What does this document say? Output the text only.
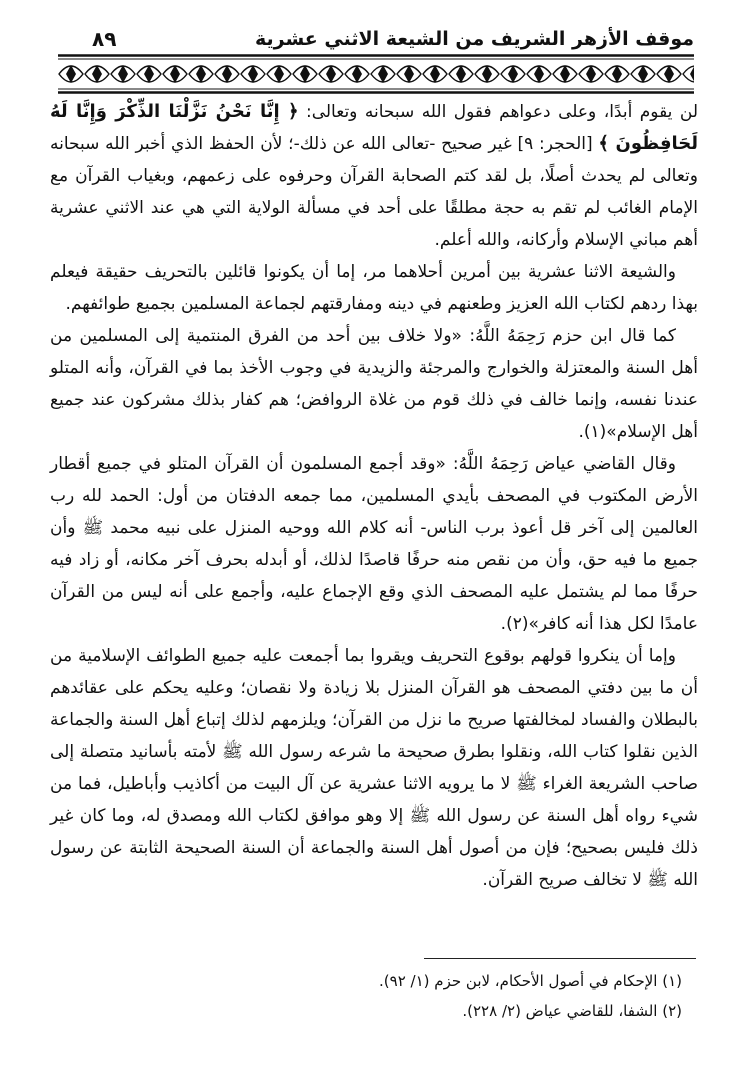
موقف الأزهر الشريف من الشيعة الاثني عشرية
٨٩

لن يقوم أبدًا، وعلى دعواهم فقول الله سبحانه وتعالى: ﴿ إِنَّا نَحْنُ نَزَّلْنَا الذِّكْرَ وَإِنَّا لَهُ لَحَافِظُونَ ﴾ [الحجر: ٩] غير صحيح -تعالى الله عن ذلك-؛ لأن الحفظ الذي أخبر الله سبحانه وتعالى لم يحدث أصلًا، بل لقد كتم الصحابة القرآن وحرفوه على زعمهم، وبغياب القرآن مع الإمام الغائب لم تقم به حجة مطلقًا على أحد في مسألة الولاية التي هي عند الاثني عشرية أهم مباني الإسلام وأركانه، والله أعلم.

والشيعة الاثنا عشرية بين أمرين أحلاهما مر، إما أن يكونوا قائلين بالتحريف حقيقة فيعلم بهذا ردهم لكتاب الله العزيز وطعنهم في دينه ومفارقتهم لجماعة المسلمين بجميع طوائفهم.

كما قال ابن حزم رَحِمَهُ اللَّهُ: «ولا خلاف بين أحد من الفرق المنتمية إلى المسلمين من أهل السنة والمعتزلة والخوارج والمرجئة والزيدية في وجوب الأخذ بما في القرآن، وأنه المتلو عندنا نفسه، وإنما خالف في ذلك قوم من غلاة الروافض؛ هم كفار بذلك مشركون عند جميع أهل الإسلام»(١).

وقال القاضي عياض رَحِمَهُ اللَّهُ: «وقد أجمع المسلمون أن القرآن المتلو في جميع أقطار الأرض المكتوب في المصحف بأيدي المسلمين، مما جمعه الدفتان من أول: الحمد لله رب العالمين إلى آخر قل أعوذ برب الناس- أنه كلام الله ووحيه المنزل على نبيه محمد ﷺ وأن جميع ما فيه حق، وأن من نقص منه حرفًا قاصدًا لذلك، أو أبدله بحرف آخر مكانه، أو زاد فيه حرفًا مما لم يشتمل عليه المصحف الذي وقع الإجماع عليه، وأجمع على أنه ليس من القرآن عامدًا لكل هذا أنه كافر»(٢).

وإما أن ينكروا قولهم بوقوع التحريف ويقروا بما أجمعت عليه جميع الطوائف الإسلامية من أن ما بين دفتي المصحف هو القرآن المنزل بلا زيادة ولا نقصان؛ وعليه يحكم على عقائدهم بالبطلان والفساد لمخالفتها صريح ما نزل من القرآن؛ ويلزمهم لذلك إتباع أهل السنة والجماعة الذين نقلوا كتاب الله، ونقلوا بطرق صحيحة ما شرعه رسول الله ﷺ لأمته بأسانيد متصلة إلى صاحب الشريعة الغراء ﷺ لا ما يرويه الاثنا عشرية عن آل البيت من أكاذيب وأباطيل، فما من شيء رواه أهل السنة عن رسول الله ﷺ إلا وهو موافق لكتاب الله ومصدق له، وما كان غير ذلك فليس بصحيح؛ فإن من أصول أهل السنة والجماعة أن السنة الصحيحة الثابتة عن رسول الله ﷺ لا تخالف صريح القرآن.

(١) الإحكام في أصول الأحكام، لابن حزم (١/ ٩٢).

(٢) الشفا، للقاضي عياض (٢/ ٢٢٨).
